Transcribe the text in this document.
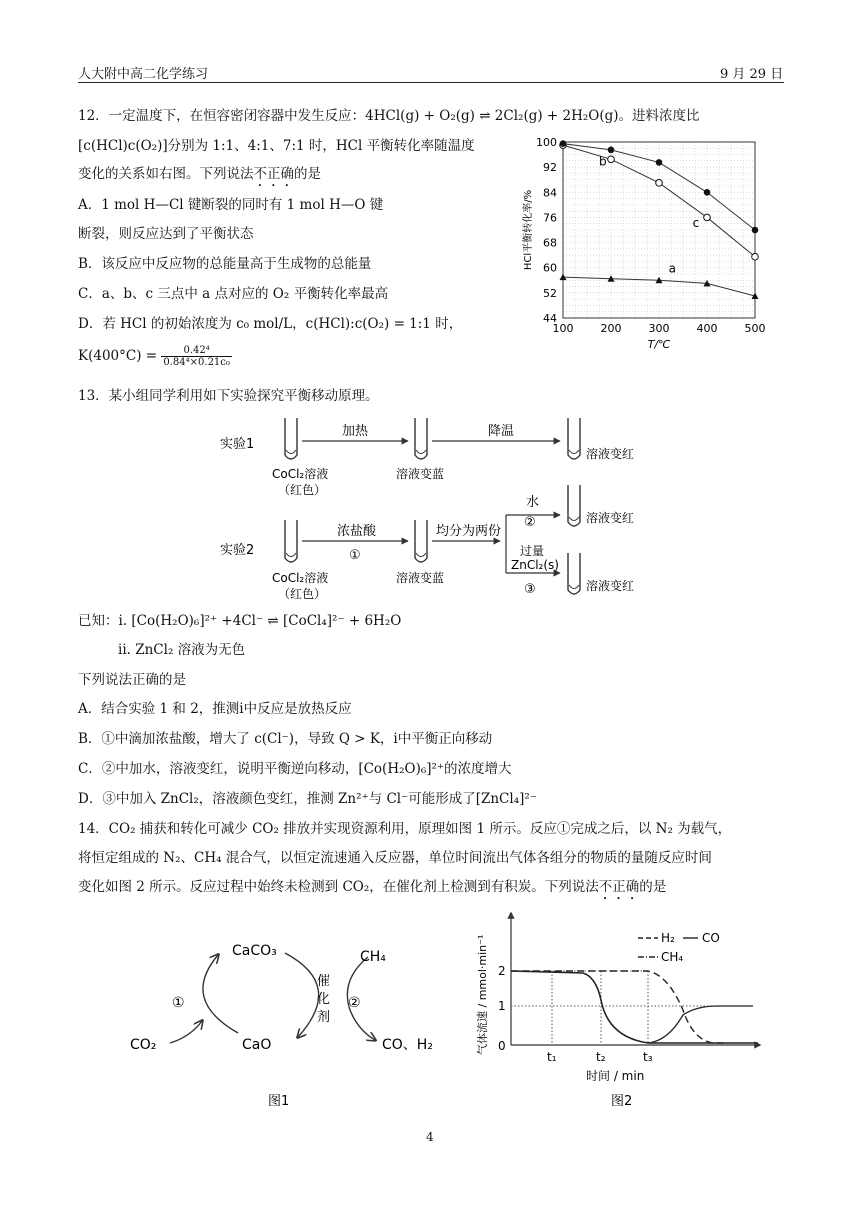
人大附中高二化学练习	9 月 29 日
12．一定温度下，在恒容密闭容器中发生反应：4HCl(g) + O₂(g) ⇌ 2Cl₂(g) + 2H₂O(g)。进料浓度比
[c(HCl)c(O₂)]分别为 1:1、4:1、7:1 时，HCl 平衡转化率随温度
变化的关系如右图。下列说法不正确的是
A．1 mol H—Cl 键断裂的同时有 1 mol H—O 键
断裂，则反应达到了平衡状态
B．该反应中反应物的总能量高于生成物的总能量
C．a、b、c 三点中 a 点对应的 O₂ 平衡转化率最高
D．若 HCl 的初始浓度为 c₀ mol/L，c(HCl):c(O₂) = 1:1 时，
$K(400^\circ C) = \frac{\text{0.42⁴}}{\text{0.84⁴×0.21c₀}}$
44
52
60
68
76
84
92
100
100 200 300 400 500
T/℃
HCl平衡转化率/%	a
b
c
13．某小组同学利用如下实验探究平衡移动原理。
实验1
加热	降温
CoCl₂溶液
（红色）
溶液变蓝
溶液变红
实验2
浓盐酸
①
均分为两份
水
②
过量
ZnCl₂(s)
③
CoCl₂溶液
（红色）
溶液变蓝
溶液变红
溶液变红
已知：i. [Co(H₂O)₆]²⁺ +4Cl⁻ ⇌ [CoCl₄]²⁻ + 6H₂O
ii. ZnCl₂ 溶液为无色
下列说法正确的是
A．结合实验 1 和 2，推测i中反应是放热反应
B．①中滴加浓盐酸，增大了 c(Cl⁻)，导致 Q > K，i中平衡正向移动
C．②中加水，溶液变红，说明平衡逆向移动，[Co(H₂O)₆]²⁺的浓度增大
D．③中加入 ZnCl₂，溶液颜色变红，推测 Zn²⁺与 Cl⁻可能形成了[ZnCl₄]²⁻
14．CO₂ 捕获和转化可减少 CO₂ 排放并实现资源利用，原理如图 1 所示。反应①完成之后，以 N₂ 为载气，
将恒定组成的 N₂、CH₄ 混合气，以恒定流速通入反应器，单位时间流出气体各组分的物质的量随反应时间
变化如图 2 所示。反应过程中始终未检测到 CO₂，在催化剂上检测到有积炭。下列说法不正确的是
CaCO₃
CaO
CO₂
CH₄
CO、H₂
催
化
剂
①	②
图1
H₂ CO
CH₄
2
1
0
t₁	t₂	t₃
时间 / min
气体流速 / mmol·min⁻¹
图2
4
